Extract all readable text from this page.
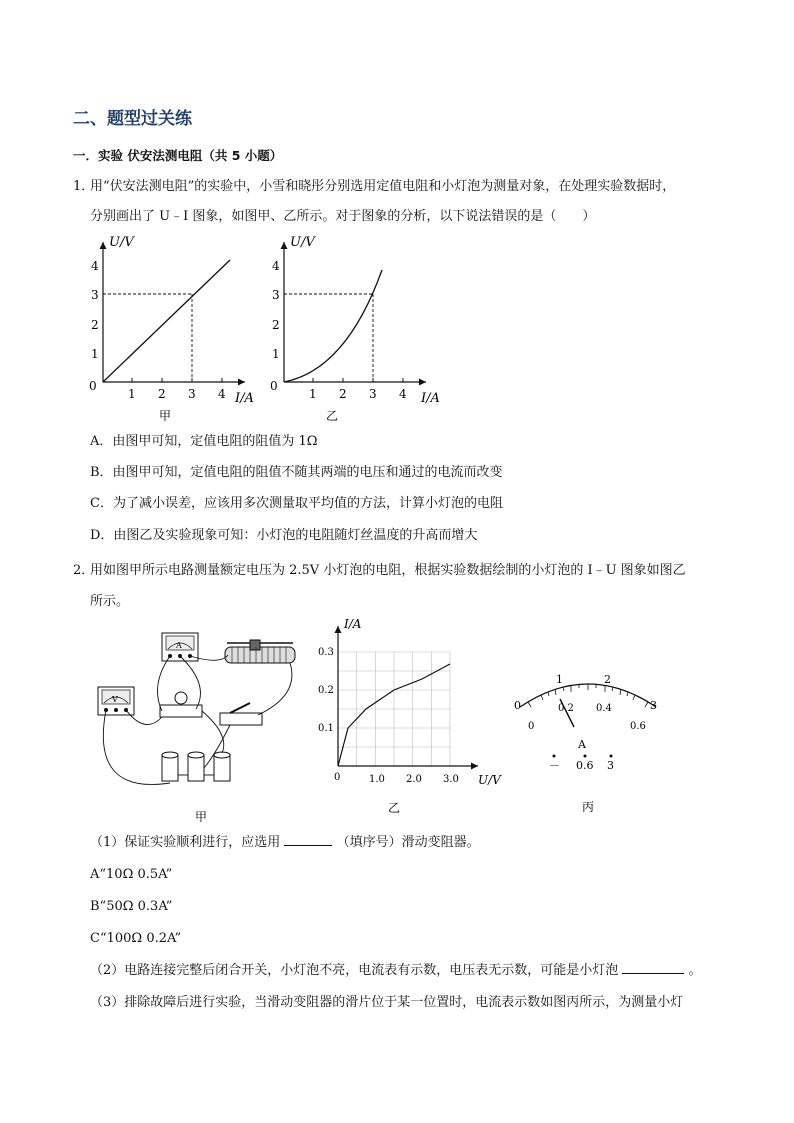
二、题型过关练
一．实验 伏安法测电阻（共 5 小题）
1．
用“伏安法测电阻”的实验中，小雪和晓彤分别选用定值电阻和小灯泡为测量对象，在处理实验数据时，
分别画出了 U﹣I 图象，如图甲、乙所示。对于图象的分析，以下说法错误的是（　　）
U/V
I/A
0
1
2
3
4
1 2 3 4
甲
U/V
I/A
0
1
2
3
4
1 2 3 4
乙
A．由图甲可知，定值电阻的阻值为 1Ω
B．由图甲可知，定值电阻的阻值不随其两端的电压和通过的电流而改变
C．为了减小误差，应该用多次测量取平均值的方法，计算小灯泡的电阻
D．由图乙及实验现象可知：小灯泡的电阻随灯丝温度的升高而增大
2．
用如图甲所示电路测量额定电压为 2.5V 小灯泡的电阻，根据实验数据绘制的小灯泡的 I﹣U 图象如图乙
所示。
A
V
甲
I/A
U/V
0
0.1
0.2
0.3
1.0 2.0 3.0
乙
0
1	2
3
0
0.2 0.4
0.6
A
－ 0.6 3
丙
（1）保证实验顺利进行，应选用	（填序号）滑动变阻器。
A“10Ω 0.5A”
B“50Ω 0.3A”
C“100Ω 0.2A”
（2）电路连接完整后闭合开关，小灯泡不亮，电流表有示数，电压表无示数，可能是小灯泡	。
（3）排除故障后进行实验，当滑动变阻器的滑片位于某一位置时，电流表示数如图丙所示，为测量小灯
